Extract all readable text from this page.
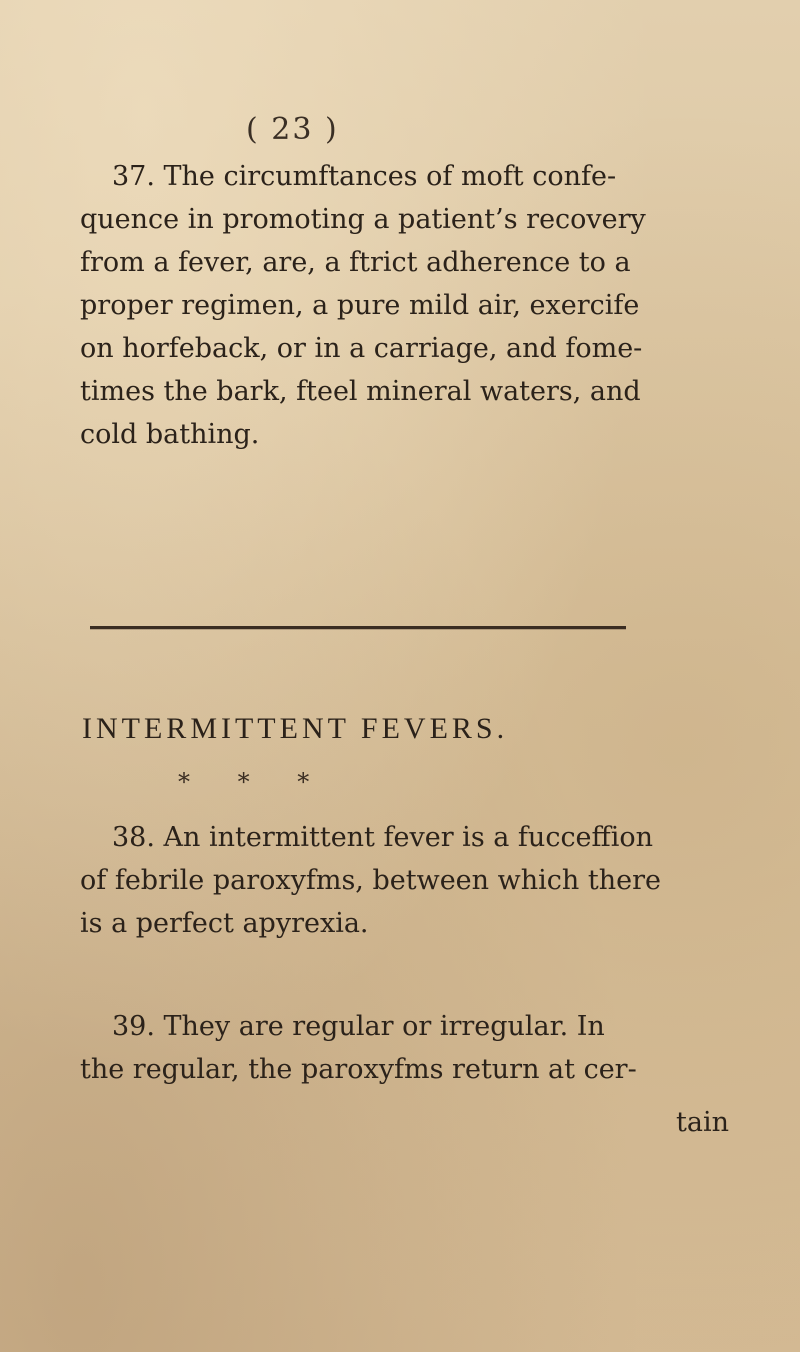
( 23 )
37. The circumftances of moft confe-
quence in promoting a patient’s recovery
from a fever, are, a ftrict adherence to a
proper regimen, a pure mild air, exercife
on horfeback, or in a carriage, and fome-
times the bark, fteel mineral waters, and
cold bathing.
INTERMITTENT FEVERS.
* * *
38. An intermittent fever is a fucceffion
of febrile paroxyfms, between which there
is a perfect apyrexia.
39. They are regular or irregular. In
the regular, the paroxyfms return at cer-
tain
